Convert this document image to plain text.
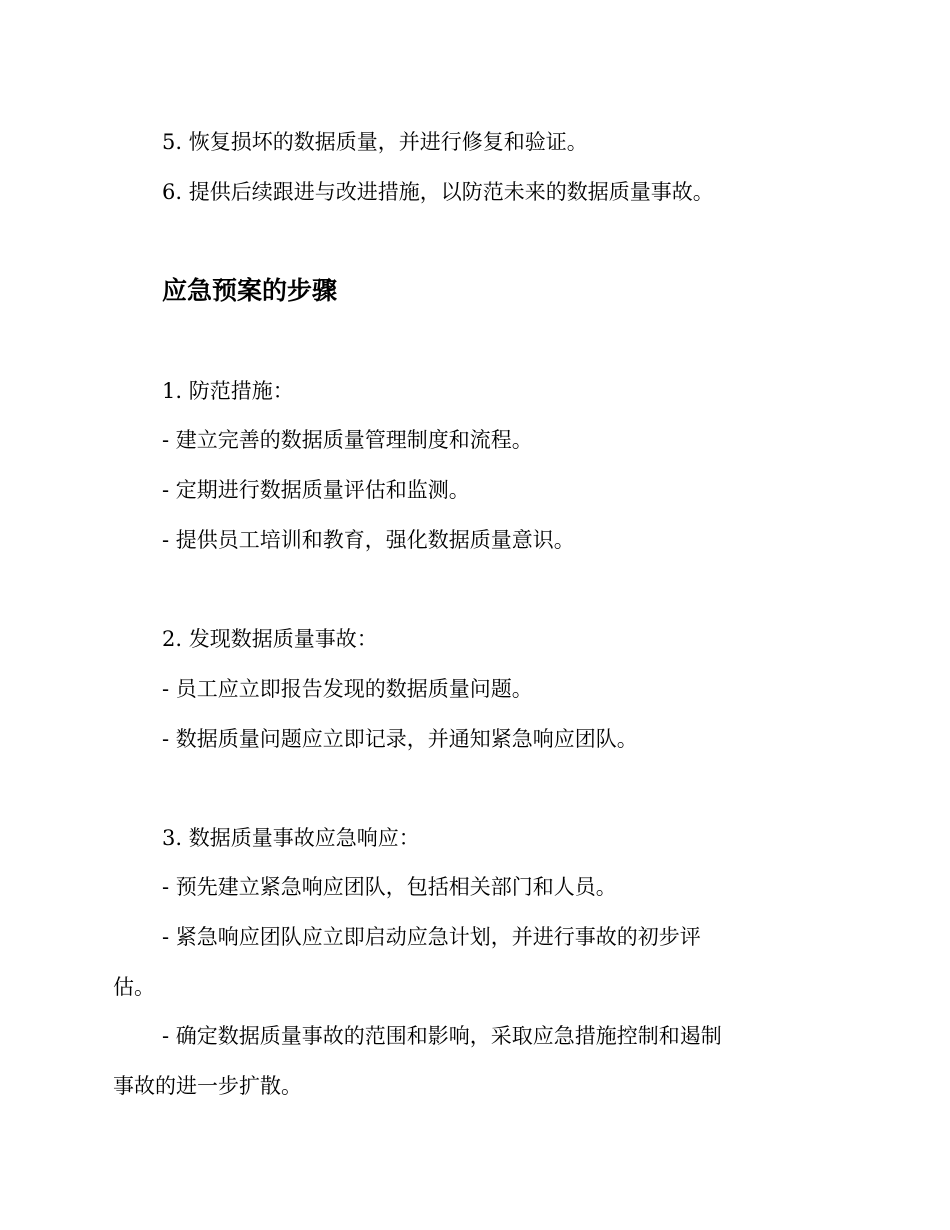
5. 恢复损坏的数据质量，并进行修复和验证。
6. 提供后续跟进与改进措施，以防范未来的数据质量事故。
应急预案的步骤
1. 防范措施：
- 建立完善的数据质量管理制度和流程。
- 定期进行数据质量评估和监测。
- 提供员工培训和教育，强化数据质量意识。
2. 发现数据质量事故：
- 员工应立即报告发现的数据质量问题。
- 数据质量问题应立即记录，并通知紧急响应团队。
3. 数据质量事故应急响应：
- 预先建立紧急响应团队，包括相关部门和人员。
- 紧急响应团队应立即启动应急计划，并进行事故的初步评
估。
- 确定数据质量事故的范围和影响，采取应急措施控制和遏制
事故的进一步扩散。
